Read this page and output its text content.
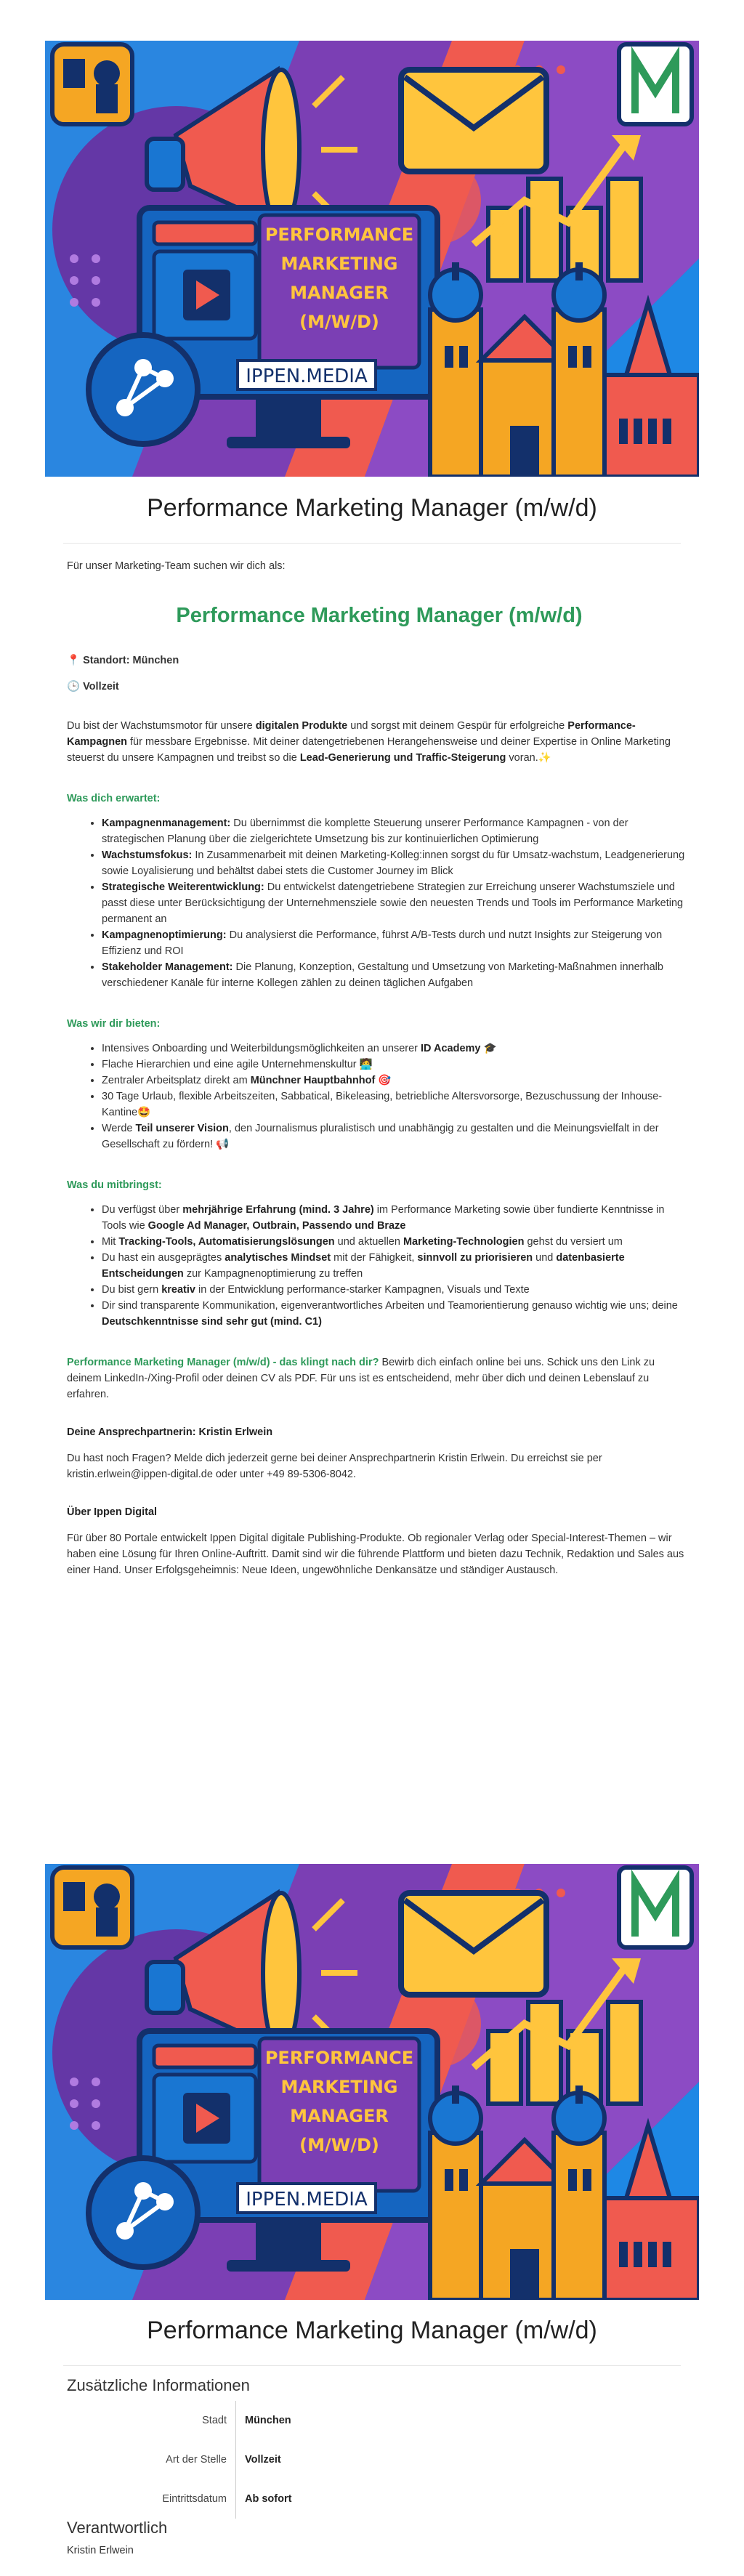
PERFORMANCE
MARKETING
MANAGER
(M/W/D)
IPPEN.MEDIA
Performance Marketing Manager (m/w/d)
Für unser Marketing-Team suchen wir dich als:
Performance Marketing Manager (m/w/d)
📍 Standort: München
🕒 Vollzeit
Du bist der Wachstumsmotor für unsere digitalen Produkte und sorgst mit deinem Gespür für erfolgreiche Performance-Kampagnen für messbare Ergebnisse. Mit deiner datengetriebenen Herangehensweise und deiner Expertise in Online Marketing steuerst du unsere Kampagnen und treibst so die Lead-Generierung und Traffic-Steigerung voran.✨
Was dich erwartet:
• Kampagnenmanagement: Du übernimmst die komplette Steuerung unserer Performance Kampagnen - von der strategischen Planung über die zielgerichtete Umsetzung bis zur kontinuierlichen Optimierung
• Wachstumsfokus: In Zusammenarbeit mit deinen Marketing-Kolleg:innen sorgst du für Umsatz-wachstum, Leadgenerierung sowie Loyalisierung und behältst dabei stets die Customer Journey im Blick
• Strategische Weiterentwicklung: Du entwickelst datengetriebene Strategien zur Erreichung unserer Wachstumsziele und passt diese unter Berücksichtigung der Unternehmensziele sowie den neuesten Trends und Tools im Performance Marketing permanent an
• Kampagnenoptimierung: Du analysierst die Performance, führst A/B-Tests durch und nutzt Insights zur Steigerung von Effizienz und ROI
• Stakeholder Management: Die Planung, Konzeption, Gestaltung und Umsetzung von Marketing-Maßnahmen innerhalb verschiedener Kanäle für interne Kollegen zählen zu deinen täglichen Aufgaben
Was wir dir bieten:
• Intensives Onboarding und Weiterbildungsmöglichkeiten an unserer ID Academy 🎓
• Flache Hierarchien und eine agile Unternehmenskultur 🧑‍💻
• Zentraler Arbeitsplatz direkt am Münchner Hauptbahnhof 🎯
• 30 Tage Urlaub, flexible Arbeitszeiten, Sabbatical, Bikeleasing, betriebliche Altersvorsorge, Bezuschussung der Inhouse-Kantine🤩
• Werde Teil unserer Vision, den Journalismus pluralistisch und unabhängig zu gestalten und die Meinungsvielfalt in der Gesellschaft zu fördern! 📢
Was du mitbringst:
• Du verfügst über mehrjährige Erfahrung (mind. 3 Jahre) im Performance Marketing sowie über fundierte Kenntnisse in Tools wie Google Ad Manager, Outbrain, Passendo und Braze
• Mit Tracking-Tools, Automatisierungslösungen und aktuellen Marketing-Technologien gehst du versiert um
• Du hast ein ausgeprägtes analytisches Mindset mit der Fähigkeit, sinnvoll zu priorisieren und datenbasierte Entscheidungen zur Kampagnenoptimierung zu treffen
• Du bist gern kreativ in der Entwicklung performance-starker Kampagnen, Visuals und Texte
• Dir sind transparente Kommunikation, eigenverantwortliches Arbeiten und Teamorientierung genauso wichtig wie uns; deine Deutschkenntnisse sind sehr gut (mind. C1)
Performance Marketing Manager (m/w/d) - das klingt nach dir? Bewirb dich einfach online bei uns. Schick uns den Link zu deinem LinkedIn-/Xing-Profil oder deinen CV als PDF. Für uns ist es entscheidend, mehr über dich und deinen Lebenslauf zu erfahren.
Deine Ansprechpartnerin: Kristin Erlwein
Du hast noch Fragen? Melde dich jederzeit gerne bei deiner Ansprechpartnerin Kristin Erlwein. Du erreichst sie per kristin.erlwein@ippen-digital.de oder unter +49 89-5306-8042.
Über Ippen Digital
Für über 80 Portale entwickelt Ippen Digital digitale Publishing-Produkte. Ob regionaler Verlag oder Special-Interest-Themen – wir haben eine Lösung für Ihren Online-Auftritt. Damit sind wir die führende Plattform und bieten dazu Technik, Redaktion und Sales aus einer Hand. Unser Erfolgsgeheimnis: Neue Ideen, ungewöhnliche Denkansätze und ständiger Austausch.
PERFORMANCE
MARKETING
MANAGER
(M/W/D)
IPPEN.MEDIA
Performance Marketing Manager (m/w/d)
Zusätzliche Informationen
Stadt	München
Art der Stelle	Vollzeit
Eintrittsdatum	Ab sofort
Verantwortlich
Kristin Erlwein
